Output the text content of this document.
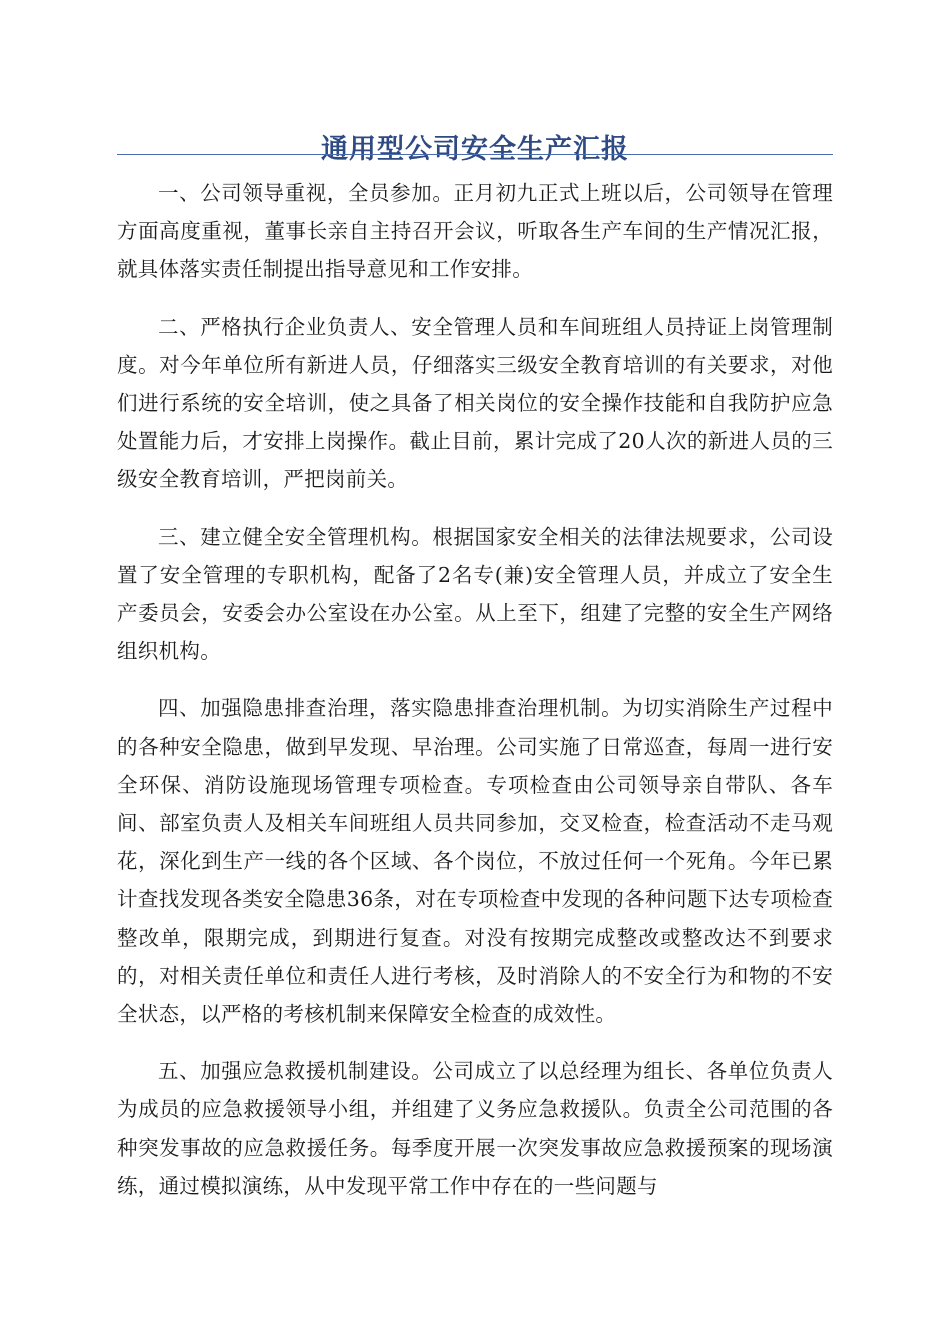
通用型公司安全生产汇报

一、公司领导重视，全员参加。正月初九正式上班以后，公司领导在管理方面高度重视，董事长亲自主持召开会议，听取各生产车间的生产情况汇报，就具体落实责任制提出指导意见和工作安排。

二、严格执行企业负责人、安全管理人员和车间班组人员持证上岗管理制度。对今年单位所有新进人员，仔细落实三级安全教育培训的有关要求，对他们进行系统的安全培训，使之具备了相关岗位的安全操作技能和自我防护应急处置能力后，才安排上岗操作。截止目前，累计完成了20人次的新进人员的三级安全教育培训，严把岗前关。

三、建立健全安全管理机构。根据国家安全相关的法律法规要求，公司设置了安全管理的专职机构，配备了2名专(兼)安全管理人员，并成立了安全生产委员会，安委会办公室设在办公室。从上至下，组建了完整的安全生产网络组织机构。

四、加强隐患排查治理，落实隐患排查治理机制。为切实消除生产过程中的各种安全隐患，做到早发现、早治理。公司实施了日常巡查，每周一进行安全环保、消防设施现场管理专项检查。专项检查由公司领导亲自带队、各车间、部室负责人及相关车间班组人员共同参加，交叉检查，检查活动不走马观花，深化到生产一线的各个区域、各个岗位，不放过任何一个死角。今年已累计查找发现各类安全隐患36条，对在专项检查中发现的各种问题下达专项检查整改单，限期完成，到期进行复查。对没有按期完成整改或整改达不到要求的，对相关责任单位和责任人进行考核，及时消除人的不安全行为和物的不安全状态，以严格的考核机制来保障安全检查的成效性。

五、加强应急救援机制建设。公司成立了以总经理为组长、各单位负责人为成员的应急救援领导小组，并组建了义务应急救援队。负责全公司范围的各种突发事故的应急救援任务。每季度开展一次突发事故应急救援预案的现场演练，通过模拟演练，从中发现平常工作中存在的一些问题与
